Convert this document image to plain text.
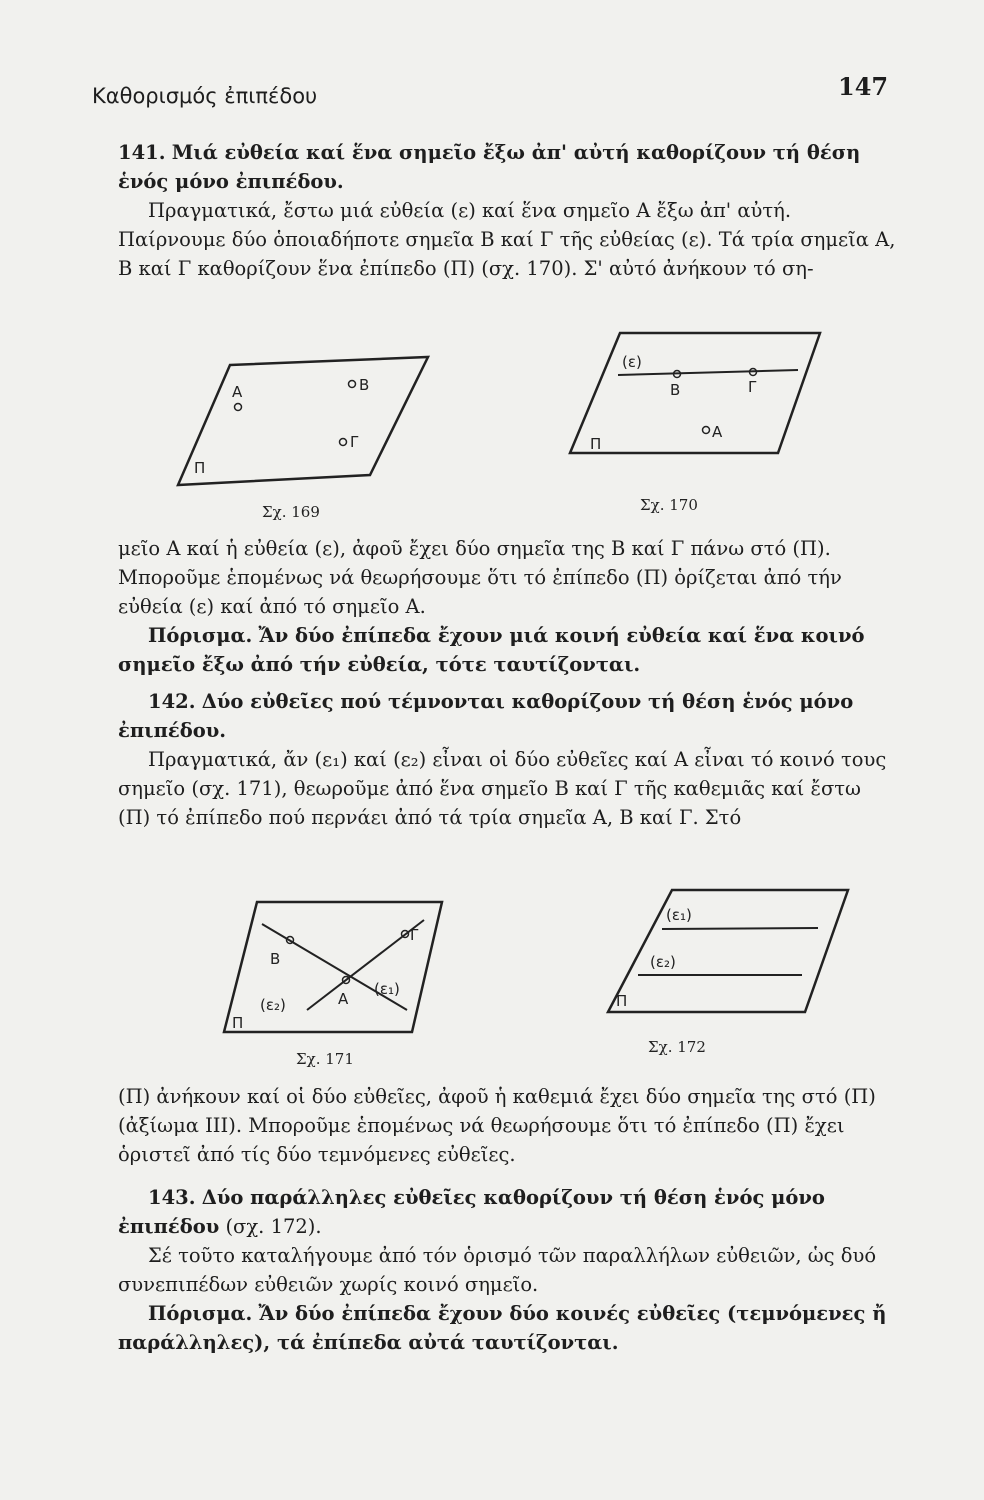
Καθορισμός ἐπιπέδου	147

141. Μιά εὐθεία καί ἕνα σημεῖο ἔξω ἀπ' αὐτή καθορίζουν τή θέση ἑνός μόνο ἐπιπέδου.

Πραγματικά, ἔστω μιά εὐθεία (ε) καί ἕνα σημεῖο Α ἔξω ἀπ' αὐτή. Παίρνουμε δύο ὁποιαδήποτε σημεῖα Β καί Γ τῆς εὐθείας (ε). Τά τρία σημεῖα Α, Β καί Γ καθορίζουν ἕνα ἐπίπεδο (Π) (σχ. 170). Σ' αὐτό ἀνήκουν τό ση-

Α	Β
Γ
Π
Σχ. 169
(ε)
Β	Γ
Α
Π
Σχ. 170

μεῖο Α καί ἡ εὐθεία (ε), ἀφοῦ ἔχει δύο σημεῖα της Β καί Γ πάνω στό (Π). Μποροῦμε ἑπομένως νά θεωρήσουμε ὅτι τό ἐπίπεδο (Π) ὁρίζεται ἀπό τήν εὐθεία (ε) καί ἀπό τό σημεῖο Α.

Πόρισμα. Ἄν δύο ἐπίπεδα ἔχουν μιά κοινή εὐθεία καί ἕνα κοινό σημεῖο ἔξω ἀπό τήν εὐθεία, τότε ταυτίζονται.

142. Δύο εὐθεῖες πού τέμνονται καθορίζουν τή θέση ἑνός μόνο ἐπιπέδου.

Πραγματικά, ἄν (ε₁) καί (ε₂) εἶναι οἱ δύο εὐθεῖες καί Α εἶναι τό κοινό τους σημεῖο (σχ. 171), θεωροῦμε ἀπό ἕνα σημεῖο Β καί Γ τῆς καθεμιᾶς καί ἔστω (Π) τό ἐπίπεδο πού περνάει ἀπό τά τρία σημεῖα Α, Β καί Γ. Στό

Β
Γ
Α
(ε₂)
(ε₁)
Π
Σχ. 171
(ε₁)
(ε₂)
Π
Σχ. 172

(Π) ἀνήκουν καί οἱ δύο εὐθεῖες, ἀφοῦ ἡ καθεμιά ἔχει δύο σημεῖα της στό (Π) (ἀξίωμα ΙΙΙ). Μποροῦμε ἑπομένως νά θεωρήσουμε ὅτι τό ἐπίπεδο (Π) ἔχει ὁριστεῖ ἀπό τίς δύο τεμνόμενες εὐθεῖες.

143. Δύο παράλληλες εὐθεῖες καθορίζουν τή θέση ἑνός μόνο ἐπιπέδου (σχ. 172).

Σέ τοῦτο καταλήγουμε ἀπό τόν ὁρισμό τῶν παραλλήλων εὐθειῶν, ὡς δυό συνεπιπέδων εὐθειῶν χωρίς κοινό σημεῖο.

Πόρισμα. Ἄν δύο ἐπίπεδα ἔχουν δύο κοινές εὐθεῖες (τεμνόμενες ἤ παράλληλες), τά ἐπίπεδα αὐτά ταυτίζονται.
